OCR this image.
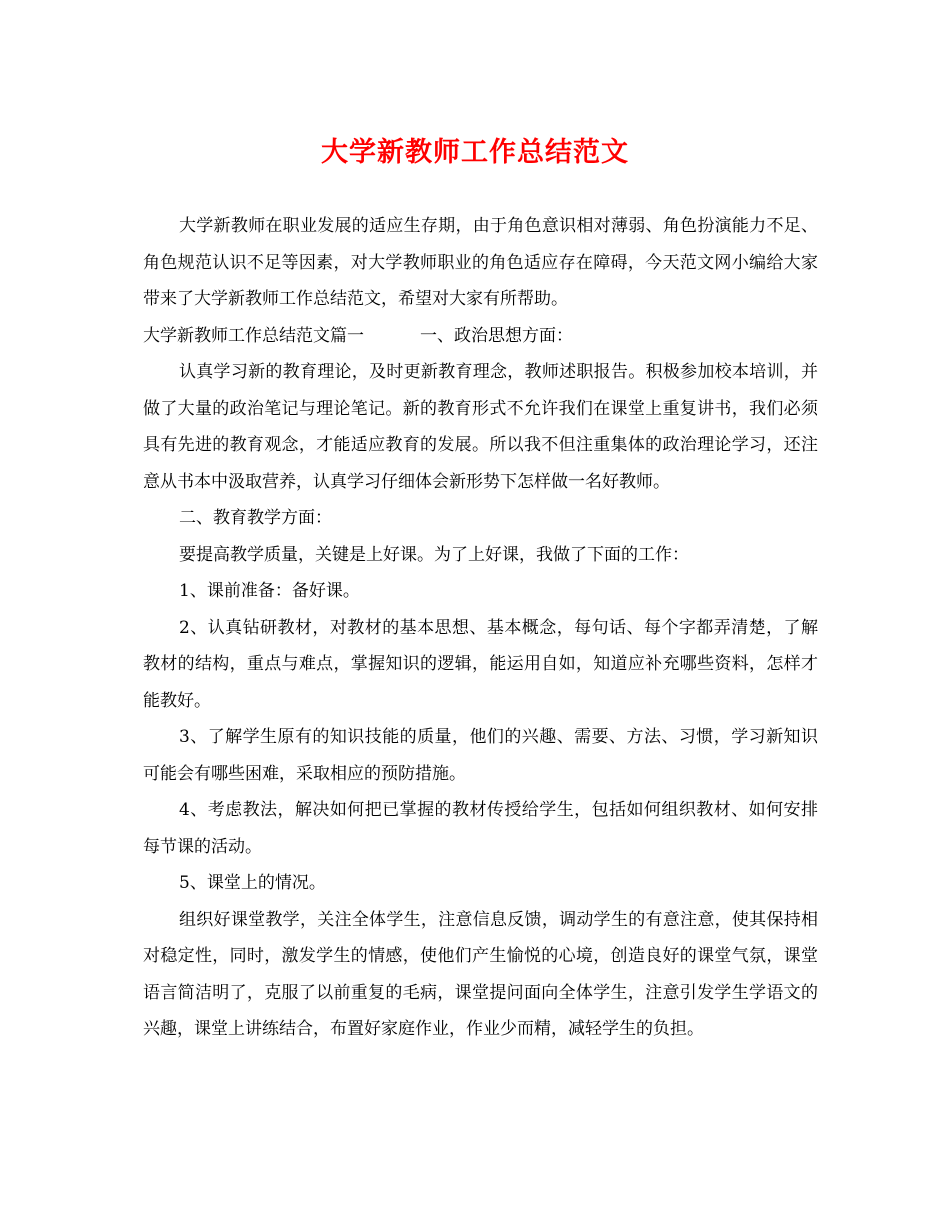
大学新教师工作总结范文

大学新教师在职业发展的适应生存期，由于角色意识相对薄弱、角色扮演能力不足、角色规范认识不足等因素，对大学教师职业的角色适应存在障碍，今天范文网小编给大家带来了大学新教师工作总结范文，希望对大家有所帮助。

大学新教师工作总结范文篇一	一、政治思想方面：

认真学习新的教育理论，及时更新教育理念，教师述职报告。积极参加校本培训，并做了大量的政治笔记与理论笔记。新的教育形式不允许我们在课堂上重复讲书，我们必须具有先进的教育观念，才能适应教育的发展。所以我不但注重集体的政治理论学习，还注意从书本中汲取营养，认真学习仔细体会新形势下怎样做一名好教师。

二、教育教学方面：

要提高教学质量，关键是上好课。为了上好课，我做了下面的工作：

1、课前准备：备好课。

2、认真钻研教材，对教材的基本思想、基本概念，每句话、每个字都弄清楚，了解教材的结构，重点与难点，掌握知识的逻辑，能运用自如，知道应补充哪些资料，怎样才能教好。

3、了解学生原有的知识技能的质量，他们的兴趣、需要、方法、习惯，学习新知识可能会有哪些困难，采取相应的预防措施。

4、考虑教法，解决如何把已掌握的教材传授给学生，包括如何组织教材、如何安排每节课的活动。

5、课堂上的情况。

组织好课堂教学，关注全体学生，注意信息反馈，调动学生的有意注意，使其保持相对稳定性，同时，激发学生的情感，使他们产生愉悦的心境，创造良好的课堂气氛，课堂语言简洁明了，克服了以前重复的毛病，课堂提问面向全体学生，注意引发学生学语文的兴趣，课堂上讲练结合，布置好家庭作业，作业少而精，减轻学生的负担。
